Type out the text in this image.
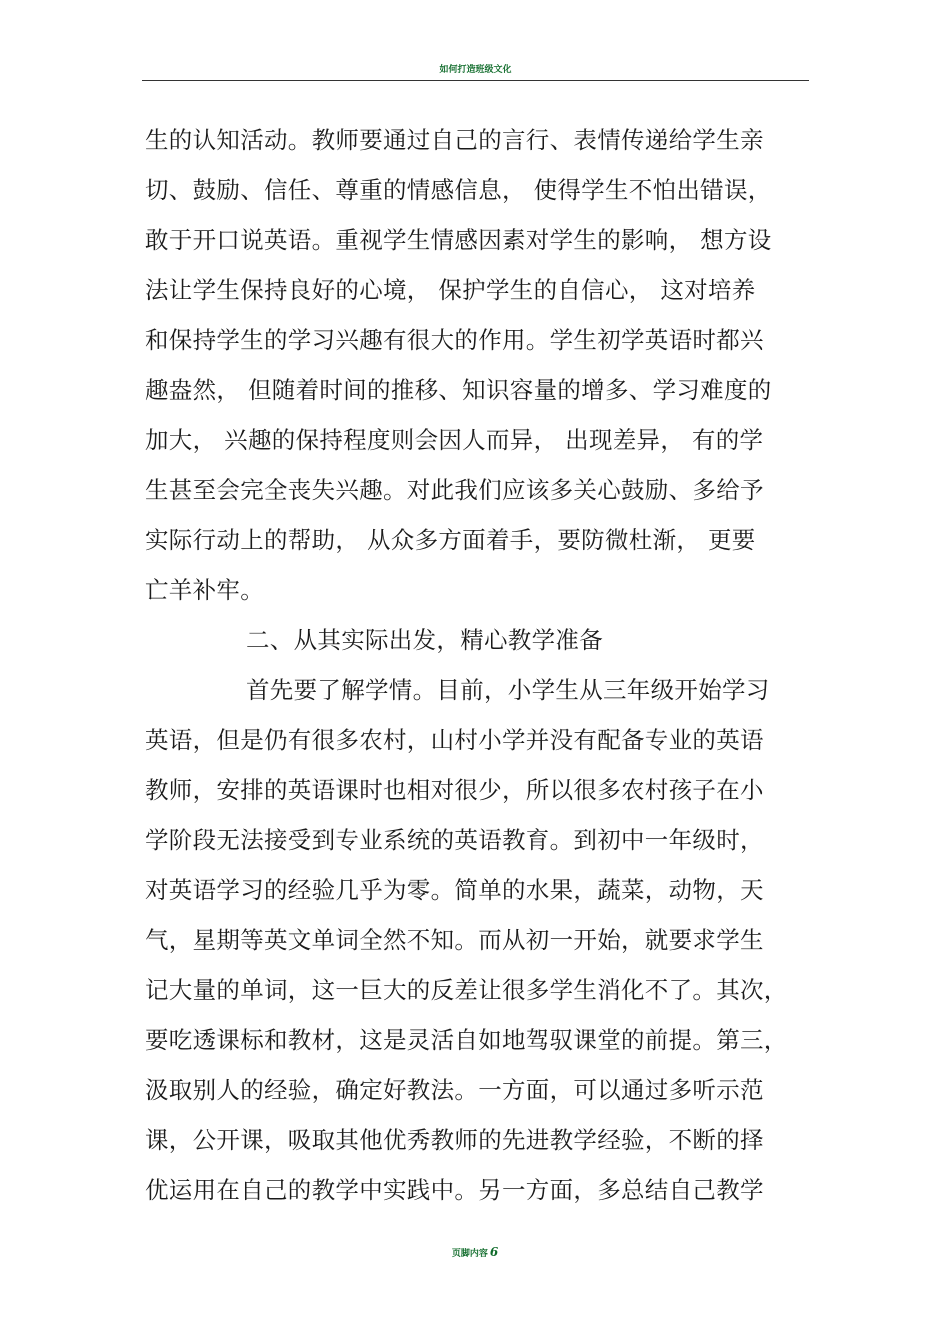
如何打造班级文化
生的认知活动。教师要通过自己的言行、表情传递给学生亲
切、鼓励、信任、尊重的情感信息， 使得学生不怕出错误，
敢于开口说英语。重视学生情感因素对学生的影响， 想方设
法让学生保持良好的心境， 保护学生的自信心， 这对培养
和保持学生的学习兴趣有很大的作用。学生初学英语时都兴
趣盎然， 但随着时间的推移、知识容量的增多、学习难度的
加大， 兴趣的保持程度则会因人而异， 出现差异， 有的学
生甚至会完全丧失兴趣。对此我们应该多关心鼓励、多给予
实际行动上的帮助， 从众多方面着手，要防微杜渐， 更要
亡羊补牢。
二、从其实际出发，精心教学准备
首先要了解学情。目前，小学生从三年级开始学习
英语，但是仍有很多农村，山村小学并没有配备专业的英语
教师，安排的英语课时也相对很少，所以很多农村孩子在小
学阶段无法接受到专业系统的英语教育。到初中一年级时，
对英语学习的经验几乎为零。简单的水果，蔬菜，动物，天
气，星期等英文单词全然不知。而从初一开始，就要求学生
记大量的单词，这一巨大的反差让很多学生消化不了。其次，
要吃透课标和教材，这是灵活自如地驾驭课堂的前提。第三，
汲取别人的经验，确定好教法。一方面，可以通过多听示范
课，公开课，吸取其他优秀教师的先进教学经验，不断的择
优运用在自己的教学中实践中。另一方面，多总结自己教学
页脚内容 6
